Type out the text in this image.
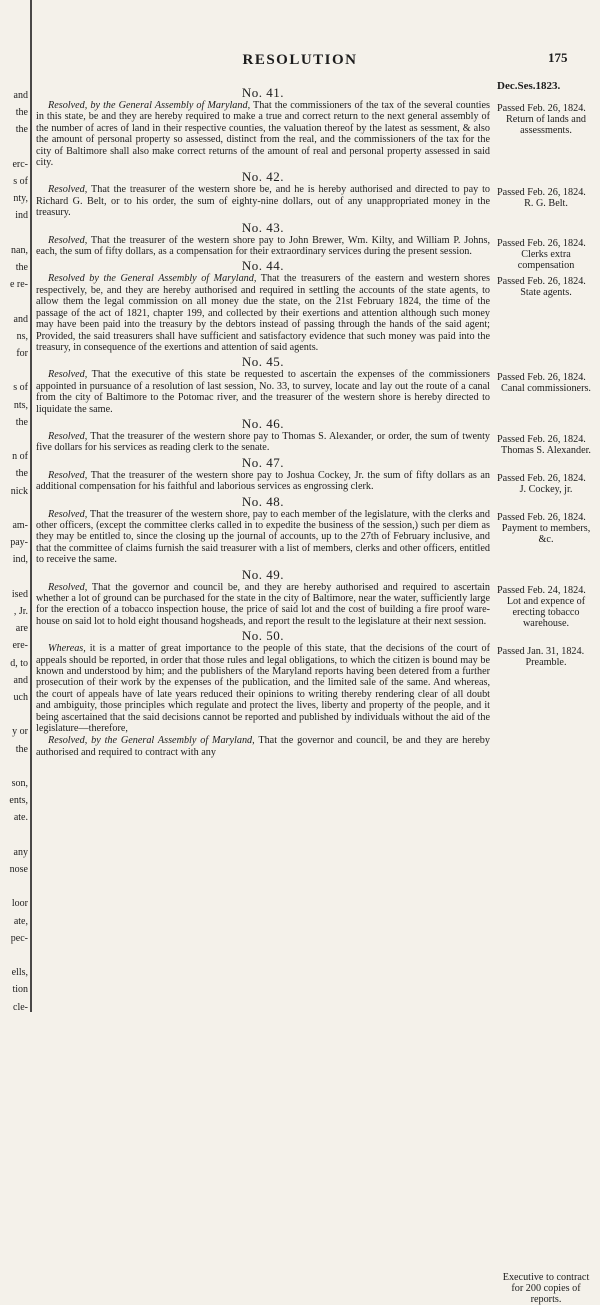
and
the
the
erc-
s of
nty,
ind
nan,
the
e re-
and
ns,
for
s of
nts,
the
n of
the
nick
am-
pay-
ind,
ised
, Jr.
are
ere-
d, to
and
uch
y or
the
son,
ents,
ate.
any
nose
loor
ate,
pec-
ells,
tion
cle-
RESOLUTION	175
Dec.Ses.1823.
No. 41.

Resolved, by the General Assembly of Maryland, That the commissioners of the tax of the several counties in this state, be and they are hereby required to make a true and correct return to the next general assembly of the number of acres of land in their respective counties, the valuation thereof by the latest as sessment, & also the amount of personal property so assessed, distinct from the real, and the commissioners of the tax for the city of Baltimore shall also make correct returns of the amount of real and personal property assessed in said city.

No. 42.

Resolved, That the treasurer of the western shore be, and he is hereby authorised and directed to pay to Richard G. Belt, or to his order, the sum of eighty-nine dollars, out of any unappropriated money in the treasury.

No. 43.

Resolved, That the treasurer of the western shore pay to John Brewer, Wm. Kilty, and William P. Johns, each, the sum of fifty dollars, as a compensation for their extraordinary services during the present session.

No. 44.

Resolved by the General Assembly of Maryland, That the treasurers of the eastern and western shores respectively, be, and they are hereby authorised and required in settling the accounts of the state agents, to allow them the legal commission on all money due the state, on the 21st February 1824, the time of the passage of the act of 1821, chapter 199, and collected by their exertions and attention although such money may have been paid into the treasury by the debtors instead of passing through the hands of the said agent; Provided, the said treasurers shall have sufficient and satisfactory evidence that such money was paid into the treasury, in consequence of the exertions and attention of said agents.

No. 45.

Resolved, That the executive of this state be requested to ascertain the expenses of the commissioners appointed in pursuance of a resolution of last session, No. 33, to survey, locate and lay out the route of a canal from the city of Baltimore to the Potomac river, and the treasurer of the western shore is hereby directed to liquidate the same.

No. 46.

Resolved, That the treasurer of the western shore pay to Thomas S. Alexander, or order, the sum of twenty five dollars for his services as reading clerk to the senate.

No. 47.

Resolved, That the treasurer of the western shore pay to Joshua Cockey, Jr. the sum of fifty dollars as an additional compensation for his faithful and laborious services as engrossing clerk.

No. 48.

Resolved, That the treasurer of the western shore, pay to each member of the legislature, with the clerks and other officers, (except the committee clerks called in to expedite the business of the session,) such per diem as they may be entitled to, since the closing up the journal of accounts, up to the 27th of February inclusive, and that the committee of claims furnish the said treasurer with a list of members, clerks and other officers, entitled to receive the same.

No. 49.

Resolved, That the governor and council be, and they are hereby authorised and required to ascertain whether a lot of ground can be purchased for the state in the city of Baltimore, near the water, sufficiently large for the erection of a tobacco inspection house, the price of said lot and the cost of building a fire proof ware-house on said lot to hold eight thousand hogsheads, and report the result to the legislature at their next session.

No. 50.

Whereas, it is a matter of great importance to the people of this state, that the decisions of the court of appeals should be reported, in order that those rules and legal obligations, to which the citizen is bound may be known and understood by him; and the publishers of the Maryland reports having been detered from a further prosecution of their work by the expenses of the publication, and the limited sale of the same. And whereas, the court of appeals have of late years reduced their opinions to writing thereby rendering clear of all doubt and ambiguity, those principles which regulate and protect the lives, liberty and property of the people, and it being ascertained that the said decisions cannot be reported and published by individuals without the aid of the legislature—therefore,

Resolved, by the General Assembly of Maryland, That the governor and council, be and they are hereby authorised and required to contract with any

Passed Feb. 26, 1824.
Return of lands and assessments.
Passed Feb. 26, 1824.
R. G. Belt.
Passed Feb. 26, 1824.
Clerks extra compensation
Passed Feb. 26, 1824.
State agents.
Passed Feb. 26, 1824.
Canal commissioners.
Passed Feb. 26, 1824.
Thomas S. Alexander.
Passed Feb. 26, 1824.
J. Cockey, jr.
Passed Feb. 26, 1824.
Payment to members, &c.
Passed Feb. 24, 1824.
Lot and expence of erecting tobacco warehouse.
Passed Jan. 31, 1824.
Preamble.
Executive to contract for 200 copies of reports.
